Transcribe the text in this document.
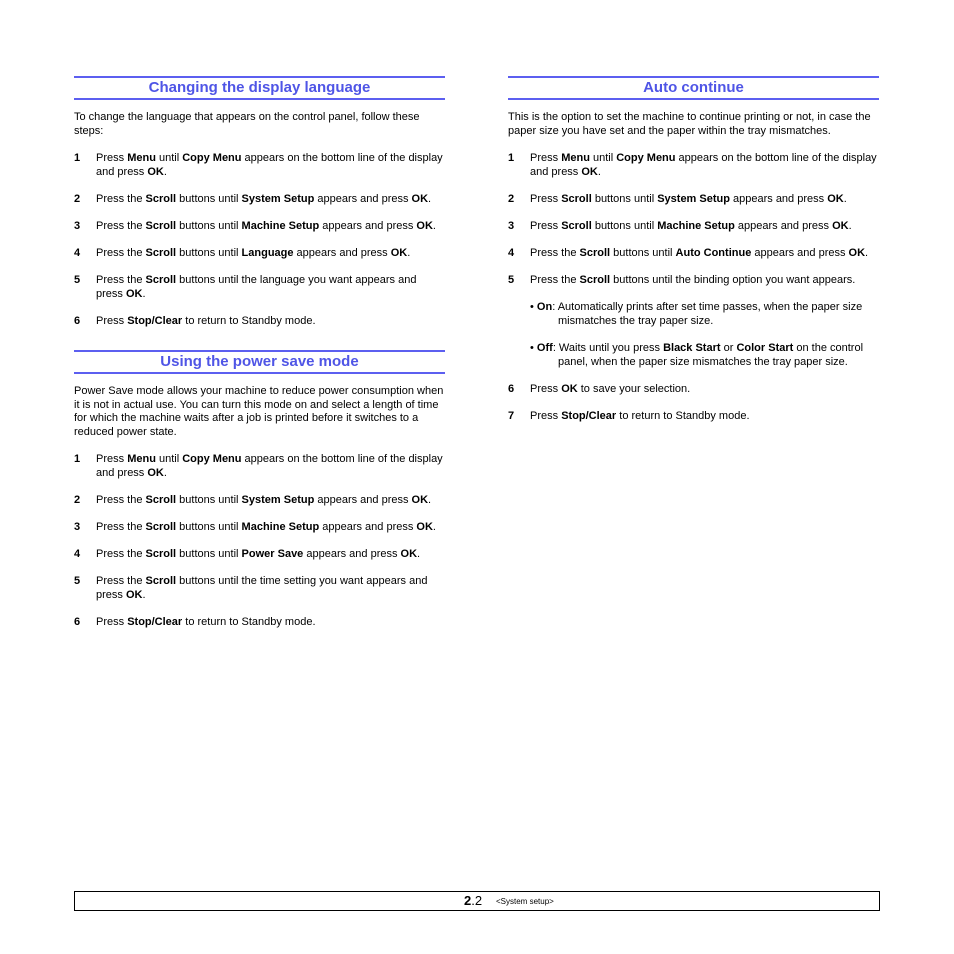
Changing the display language

To change the language that appears on the control panel, follow these steps:

1 Press Menu until Copy Menu appears on the bottom line of the display and press OK.
2 Press the Scroll buttons until System Setup appears and press OK.
3 Press the Scroll buttons until Machine Setup appears and press OK.
4 Press the Scroll buttons until Language appears and press OK.
5 Press the Scroll buttons until the language you want appears and press OK.
6 Press Stop/Clear to return to Standby mode.
Using the power save mode

Power Save mode allows your machine to reduce power consumption when it is not in actual use. You can turn this mode on and select a length of time for which the machine waits after a job is printed before it switches to a reduced power state.

1 Press Menu until Copy Menu appears on the bottom line of the display and press OK.
2 Press the Scroll buttons until System Setup appears and press OK.
3 Press the Scroll buttons until Machine Setup appears and press OK.
4 Press the Scroll buttons until Power Save appears and press OK.
5 Press the Scroll buttons until the time setting you want appears and press OK.
6 Press Stop/Clear to return to Standby mode.
Auto continue

This is the option to set the machine to continue printing or not, in case the paper size you have set and the paper within the tray mismatches.

1 Press Menu until Copy Menu appears on the bottom line of the display and press OK.
2 Press Scroll buttons until System Setup appears and press OK.
3 Press Scroll buttons until Machine Setup appears and press OK.
4 Press the Scroll buttons until Auto Continue appears and press OK.
5 Press the Scroll buttons until the binding option you want appears.
• On: Automatically prints after set time passes, when the paper size mismatches the tray paper size.
• Off: Waits until you press Black Start or Color Start on the control panel, when the paper size mismatches the tray paper size.
6 Press OK to save your selection.
7 Press Stop/Clear to return to Standby mode.
2.2 <System setup>
